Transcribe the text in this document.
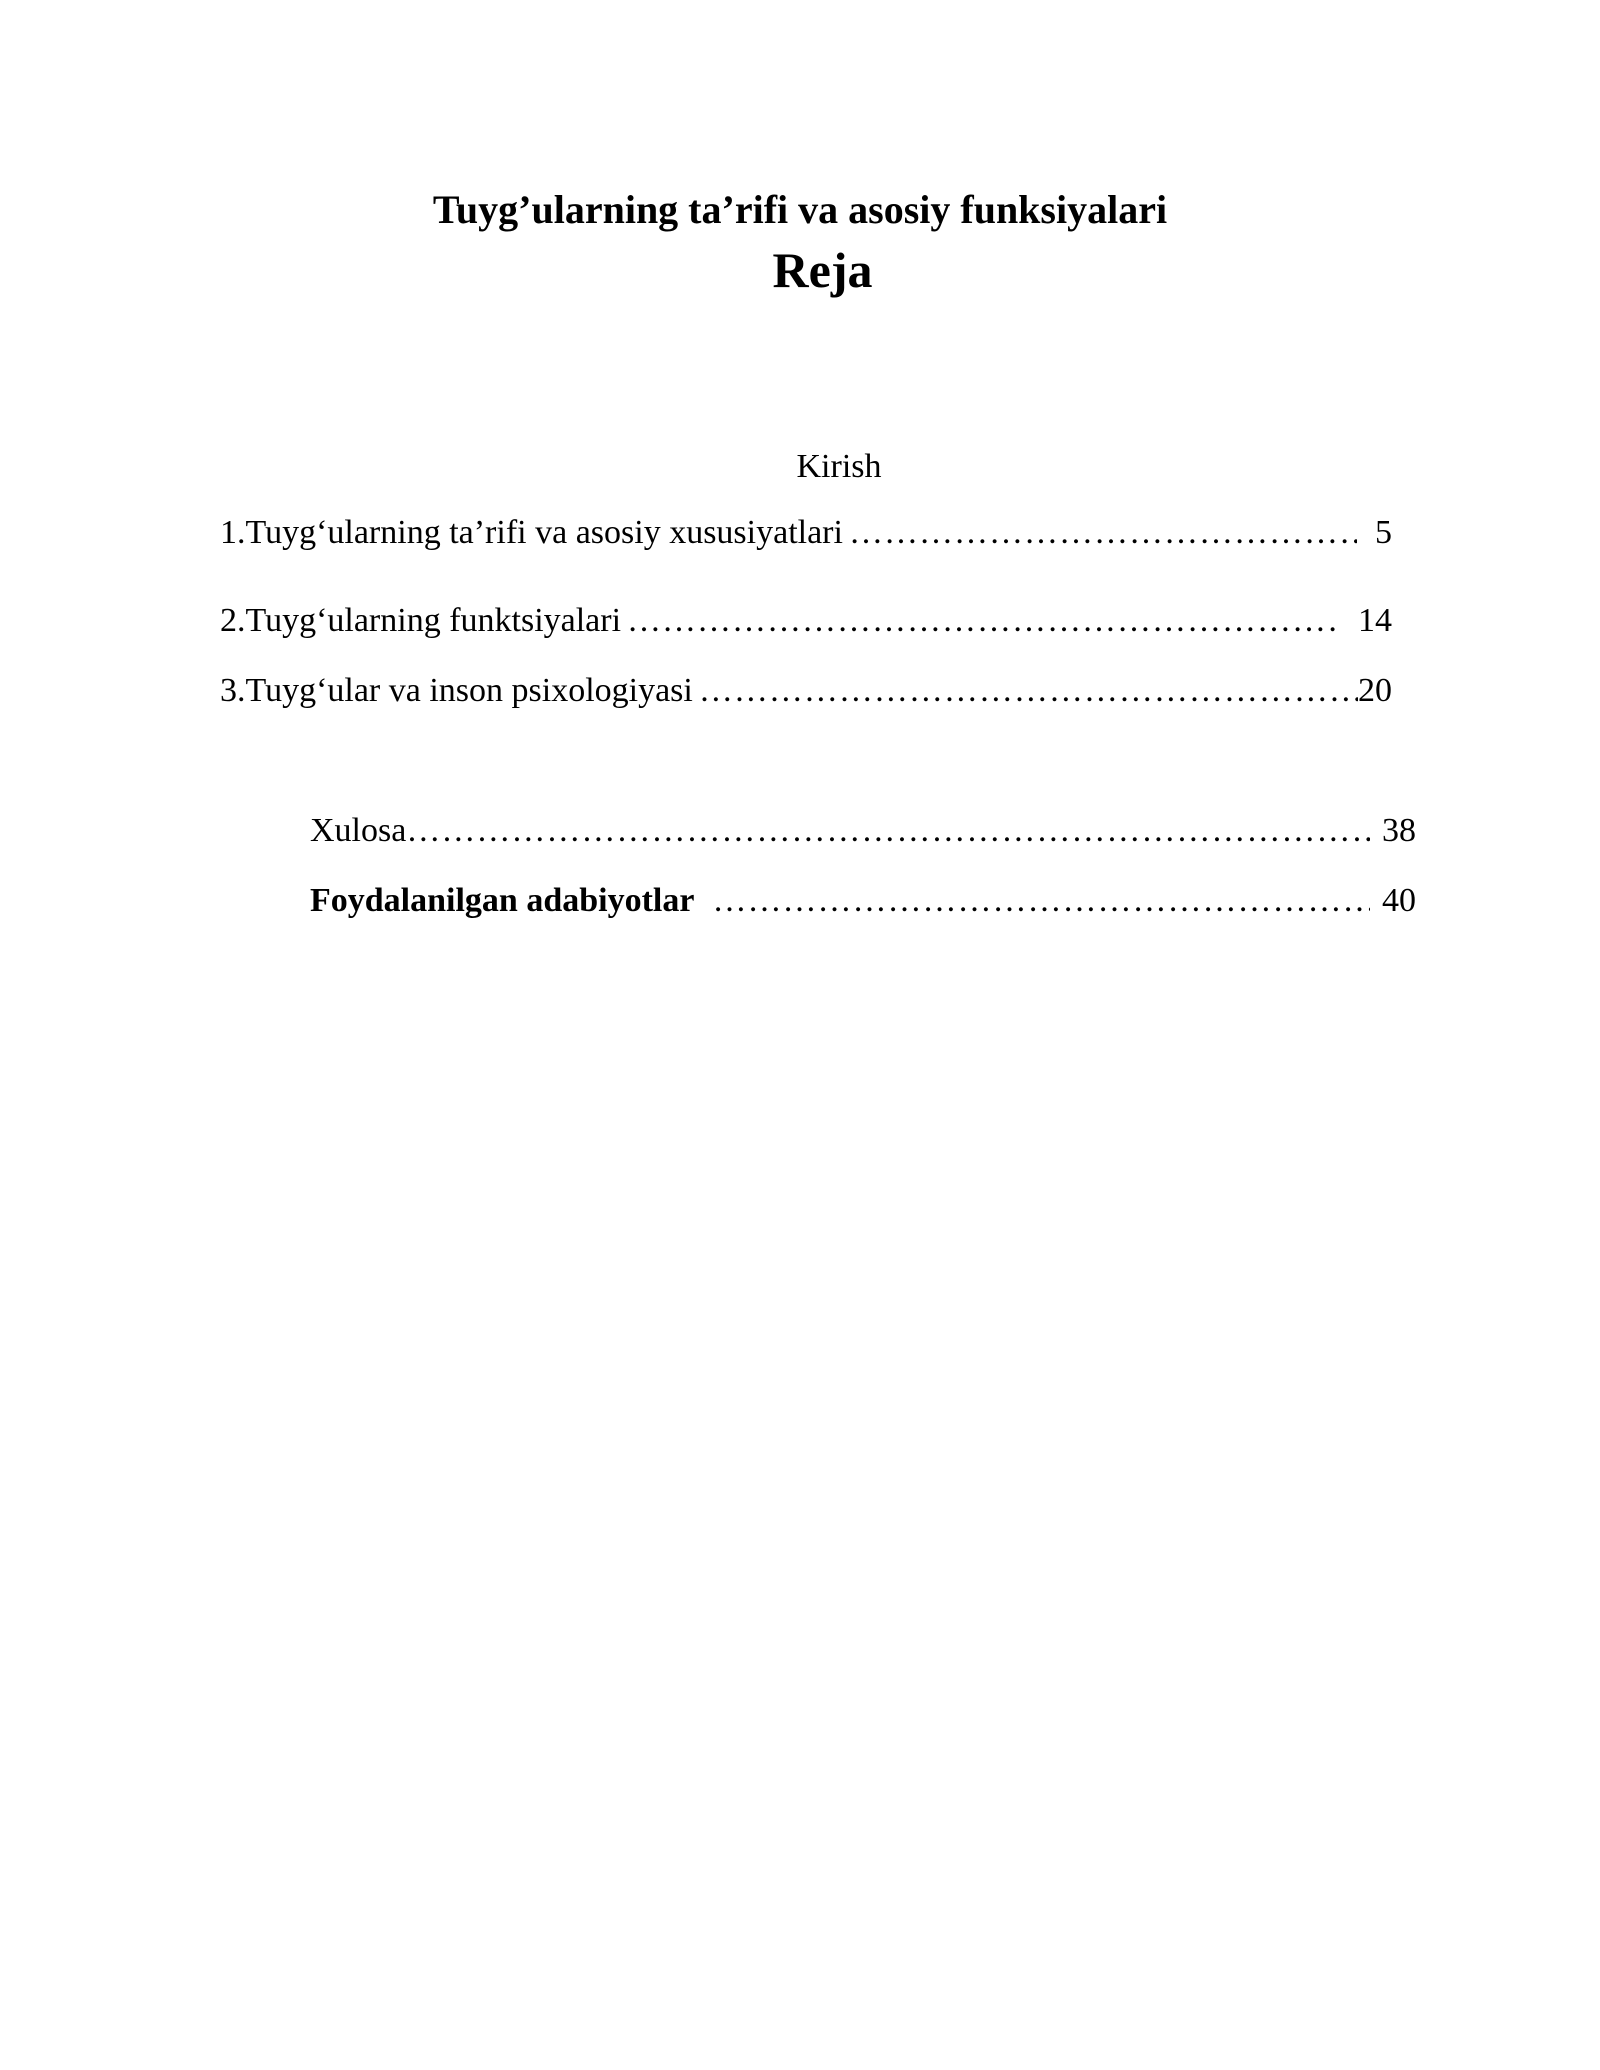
Tuyg’ularning ta’rifi va asosiy funksiyalari
Reja
Kirish
1. Tuyg‘ularning ta’rifi va asosiy xususiyatlari ………………………………………………………………………………………………………………………………………………………………	5
2. Tuyg‘ularning funktsiyalari ………………………………………………………………………………………………………………………………………………………………	14
3. Tuyg‘ular va inson psixologiyasi ………………………………………………………………………………………………………………………………………………………………	20
Xulosa ………………………………………………………………………………………………………………………………………………………………	38
Foydalanilgan adabiyotlar ………………………………………………………………………………………………………………………………………………………………	40
